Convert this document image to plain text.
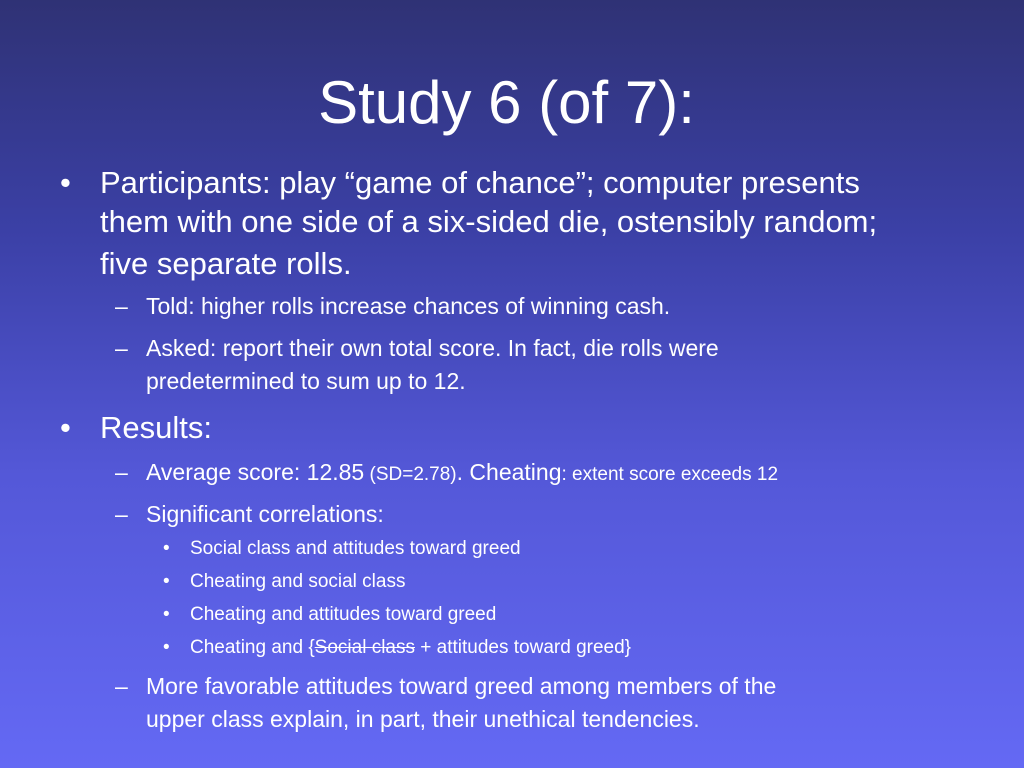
Study 6 (of 7):
• Participants: play “game of chance”; computer presents
them with one side of a six-sided die, ostensibly random;
five separate rolls.
– Told: higher rolls increase chances of winning cash.
– Asked: report their own total score. In fact, die rolls were
predetermined to sum up to 12.
• Results:
– Average score: 12.85 (SD=2.78). Cheating: extent score exceeds 12
– Significant correlations:
• Social class and attitudes toward greed
• Cheating and social class
• Cheating and attitudes toward greed
• Cheating and {Social class + attitudes toward greed}
– More favorable attitudes toward greed among members of the
upper class explain, in part, their unethical tendencies.
